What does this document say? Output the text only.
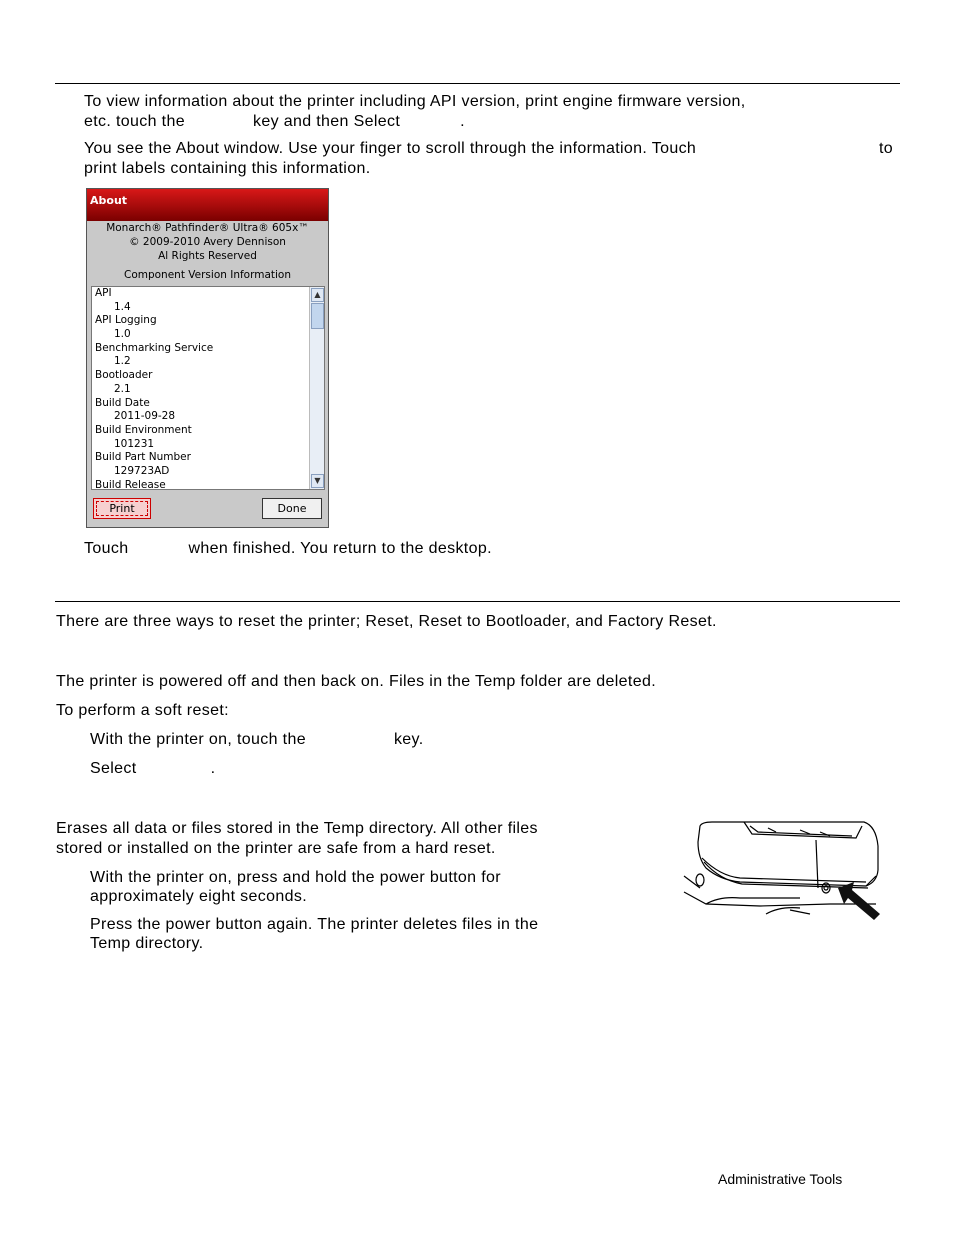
To view information about the printer including API version, print engine firmware version,
etc. touch the	key and then Select	.
You see the About window. Use your finger to scroll through the information. Touch	to
print labels containing this information.
About
Monarch® Pathfinder® Ultra® 605x™
© 2009-2010 Avery Dennison
Al Rights Reserved
Component Version Information
API
1.4
API Logging
1.0
Benchmarking Service
1.2
Bootloader
2.1
Build Date
2011-09-28
Build Environment
101231
Build Part Number
129723AD
Build Release
▲
▼
Print	Done
Touch	when finished. You return to the desktop.
There are three ways to reset the printer; Reset, Reset to Bootloader, and Factory Reset.
The printer is powered off and then back on. Files in the Temp folder are deleted.
To perform a soft reset:
With the printer on, touch the	key.
Select	.
Erases all data or files stored in the Temp directory. All other files
stored or installed on the printer are safe from a hard reset.
With the printer on, press and hold the power button for
approximately eight seconds.
Press the power button again. The printer deletes files in the
Temp directory.
Administrative Tools
